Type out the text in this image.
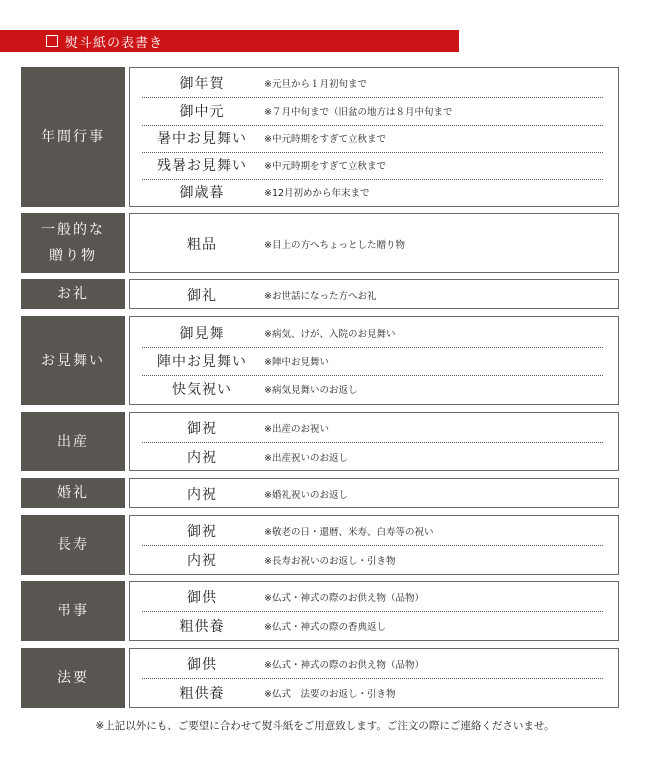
熨斗紙の表書き
年間行事
御年賀	※元旦から１月初旬まで
御中元	※７月中旬まで（旧盆の地方は８月中旬まで
暑中お見舞い	※中元時期をすぎて立秋まで
残暑お見舞い	※中元時期をすぎて立秋まで
御歳暮	※12月初めから年末まで
一般的な
贈り物
粗品	※目上の方へちょっとした贈り物
お礼	御礼	※お世話になった方へお礼
お見舞い
御見舞	※病気、けが、入院のお見舞い
陣中お見舞い	※陣中お見舞い
快気祝い	※病気見舞いのお返し
出産
御祝	※出産のお祝い
内祝	※出産祝いのお返し
婚礼	内祝	※婚礼祝いのお返し
長寿
御祝	※敬老の日・還暦、米寿、白寿等の祝い
内祝	※長寿お祝いのお返し・引き物
弔事
御供	※仏式・神式の際のお供え物（品物）
粗供養	※仏式・神式の際の香典返し
法要
御供	※仏式・神式の際のお供え物（品物）
粗供養	※仏式　法要のお返し・引き物
※上記以外にも、ご要望に合わせて熨斗紙をご用意致します。ご注文の際にご連絡くださいませ。
